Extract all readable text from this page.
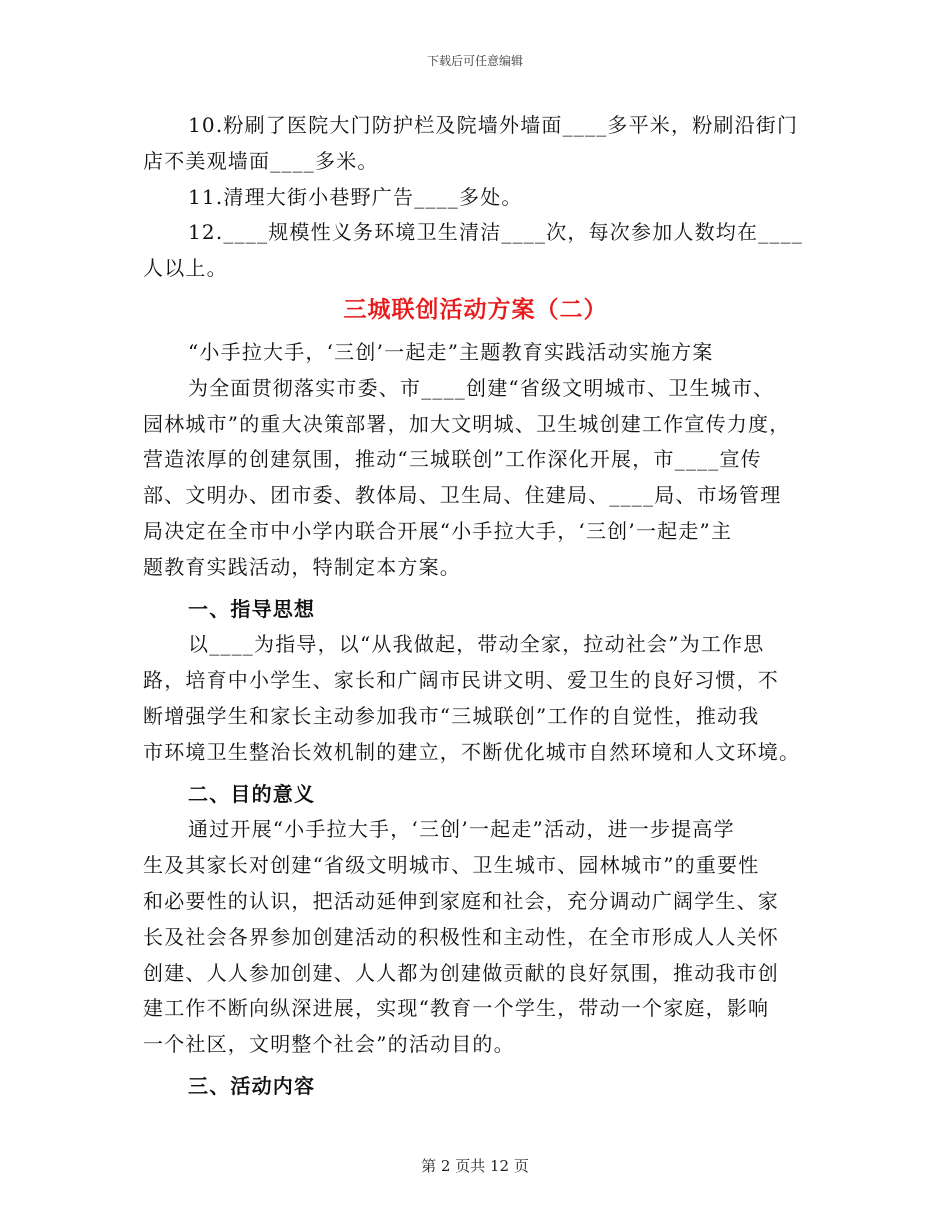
下载后可任意编辑
10.粉刷了医院大门防护栏及院墙外墙面____多平米，粉刷沿街门
店不美观墙面____多米。
11.清理大街小巷野广告____多处。
12.____规模性义务环境卫生清洁____次，每次参加人数均在____
人以上。
三城联创活动方案（二）
“小手拉大手，‘三创’一起走”主题教育实践活动实施方案
为全面贯彻落实市委、市____创建“省级文明城市、卫生城市、
园林城市”的重大决策部署，加大文明城、卫生城创建工作宣传力度，
营造浓厚的创建氛围，推动“三城联创”工作深化开展，市____宣传
部、文明办、团市委、教体局、卫生局、住建局、____局、市场管理
局决定在全市中小学内联合开展“小手拉大手，‘三创’一起走”主
题教育实践活动，特制定本方案。
一、指导思想
以____为指导，以“从我做起，带动全家，拉动社会”为工作思
路，培育中小学生、家长和广阔市民讲文明、爱卫生的良好习惯，不
断增强学生和家长主动参加我市“三城联创”工作的自觉性，推动我
市环境卫生整治长效机制的建立，不断优化城市自然环境和人文环境。
二、目的意义
通过开展“小手拉大手，‘三创’一起走”活动，进一步提高学
生及其家长对创建“省级文明城市、卫生城市、园林城市”的重要性
和必要性的认识，把活动延伸到家庭和社会，充分调动广阔学生、家
长及社会各界参加创建活动的积极性和主动性，在全市形成人人关怀
创建、人人参加创建、人人都为创建做贡献的良好氛围，推动我市创
建工作不断向纵深进展，实现“教育一个学生，带动一个家庭，影响
一个社区，文明整个社会”的活动目的。
三、活动内容
第 2 页共 12 页
